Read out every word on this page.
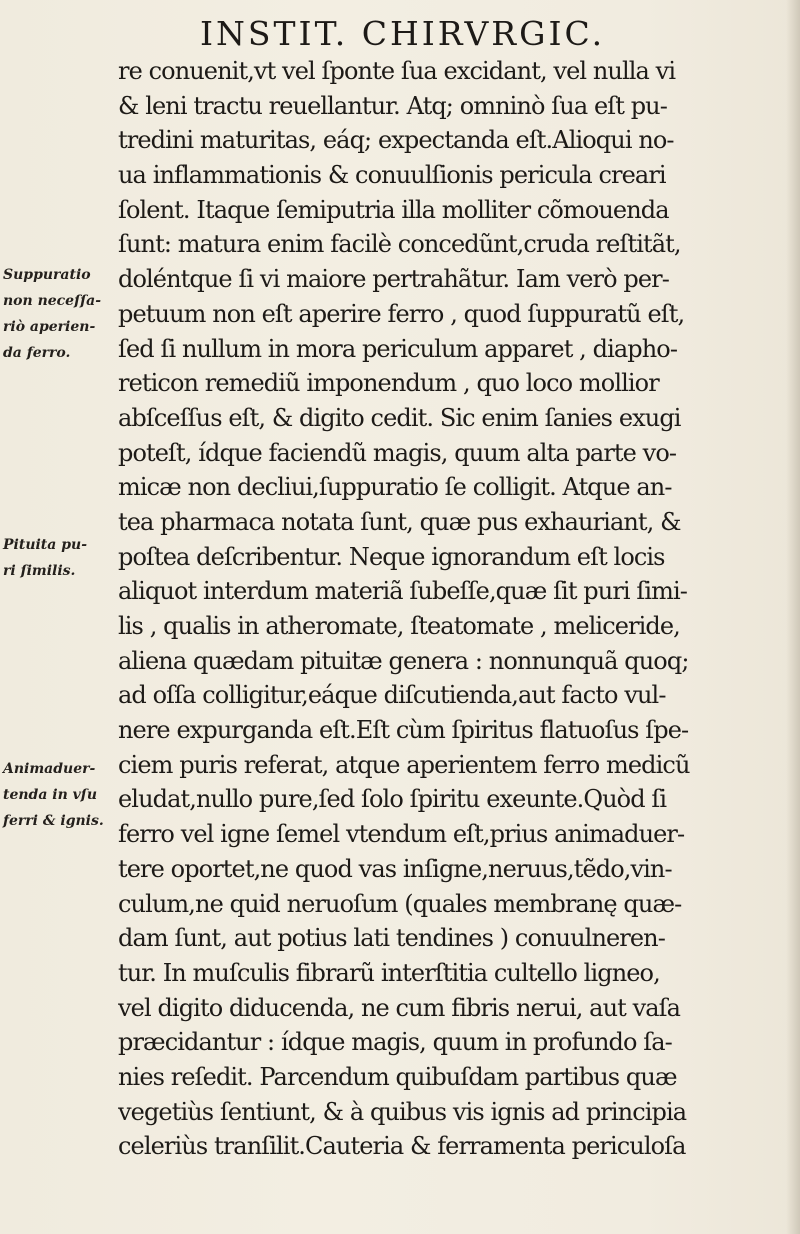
INSTIT. CHIRVRGIC.
Suppuratio
non neceſſa-
riò aperien-
da ferro.
Pituita pu-
ri ſimilis.
Animaduer-
tenda in vſu
ferri & ignis.
re conuenit,vt vel ſponte ſua excidant, vel nulla vi
& leni tractu reuellantur. Atq; omninò ſua eſt pu-
tredini maturitas, eáq; expectanda eſt.Alioqui no-
ua inflammationis & conuulſionis pericula creari
ſolent. Itaque ſemiputria illa molliter cõmouenda
ſunt: matura enim facilè concedũnt,cruda reſtitãt,
doléntque ſi vi maiore pertrahãtur. Iam verò per-
petuum non eſt aperire ferro , quod ſuppuratũ eſt,
ſed ſi nullum in mora periculum apparet , diapho-
reticon remediũ imponendum , quo loco mollior
abſceſſus eſt, & digito cedit. Sic enim ſanies exugi
poteſt, ídque faciendũ magis, quum alta parte vo-
micæ non decliui,ſuppuratio ſe colligit. Atque an-
tea pharmaca notata ſunt, quæ pus exhauriant, &
poſtea deſcribentur. Neque ignorandum eſt locis
aliquot interdum materiã ſubeſſe,quæ ſit puri ſimi-
lis , qualis in atheromate, ſteatomate , meliceride,
aliena quædam pituitæ genera : nonnunquã quoq;
ad oſſa colligitur,eáque diſcutienda,aut facto vul-
nere expurganda eſt.Eſt cùm ſpiritus flatuoſus ſpe-
ciem puris referat, atque aperientem ferro medicũ
eludat,nullo pure,ſed ſolo ſpiritu exeunte.Quòd ſi
ferro vel igne ſemel vtendum eſt,prius animaduer-
tere oportet,ne quod vas inſigne,neruus,tẽdo,vin-
culum,ne quid neruoſum (quales membranę quæ-
dam ſunt, aut potius lati tendines ) conuulneren-
tur. In muſculis fibrarũ interſtitia cultello ligneo,
vel digito diducenda, ne cum fibris nerui, aut vaſa
præcidantur : ídque magis, quum in profundo ſa-
nies reſedit. Parcendum quibuſdam partibus quæ
vegetiùs ſentiunt, & à quibus vis ignis ad principia
celeriùs tranſilit.Cauteria & ferramenta periculoſa
